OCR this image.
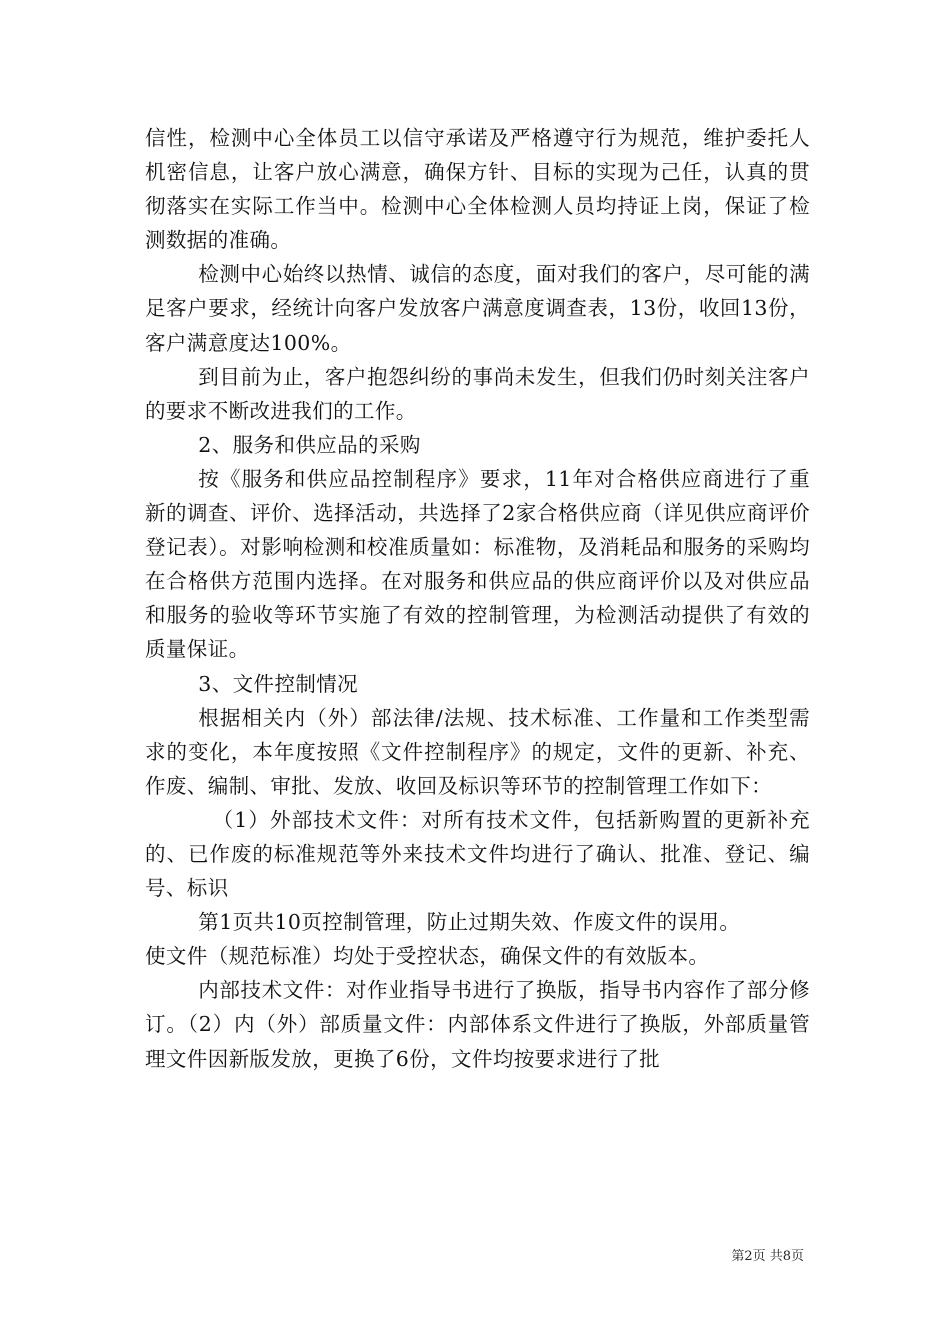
信性，检测中心全体员工以信守承诺及严格遵守行为规范，维护委托人机密信息，让客户放心满意，确保方针、目标的实现为己任，认真的贯彻落实在实际工作当中。检测中心全体检测人员均持证上岗，保证了检测数据的准确。

检测中心始终以热情、诚信的态度，面对我们的客户，尽可能的满足客户要求，经统计向客户发放客户满意度调查表，13份，收回13份，客户满意度达100%。

到目前为止，客户抱怨纠纷的事尚未发生，但我们仍时刻关注客户的要求不断改进我们的工作。

2、服务和供应品的采购

按《服务和供应品控制程序》要求，11年对合格供应商进行了重新的调查、评价、选择活动，共选择了2家合格供应商（详见供应商评价登记表）。对影响检测和校准质量如：标准物，及消耗品和服务的采购均在合格供方范围内选择。在对服务和供应品的供应商评价以及对供应品和服务的验收等环节实施了有效的控制管理，为检测活动提供了有效的质量保证。

3、文件控制情况

根据相关内（外）部法律/法规、技术标准、工作量和工作类型需求的变化，本年度按照《文件控制程序》的规定，文件的更新、补充、作废、编制、审批、发放、收回及标识等环节的控制管理工作如下：

（1）外部技术文件：对所有技术文件，包括新购置的更新补充的、已作废的标准规范等外来技术文件均进行了确认、批准、登记、编号、标识

第1页共10页控制管理，防止过期失效、作废文件的误用。

使文件（规范标准）均处于受控状态，确保文件的有效版本。

内部技术文件：对作业指导书进行了换版，指导书内容作了部分修订。（2）内（外）部质量文件：内部体系文件进行了换版，外部质量管理文件因新版发放，更换了6份，文件均按要求进行了批

第2页 共8页
